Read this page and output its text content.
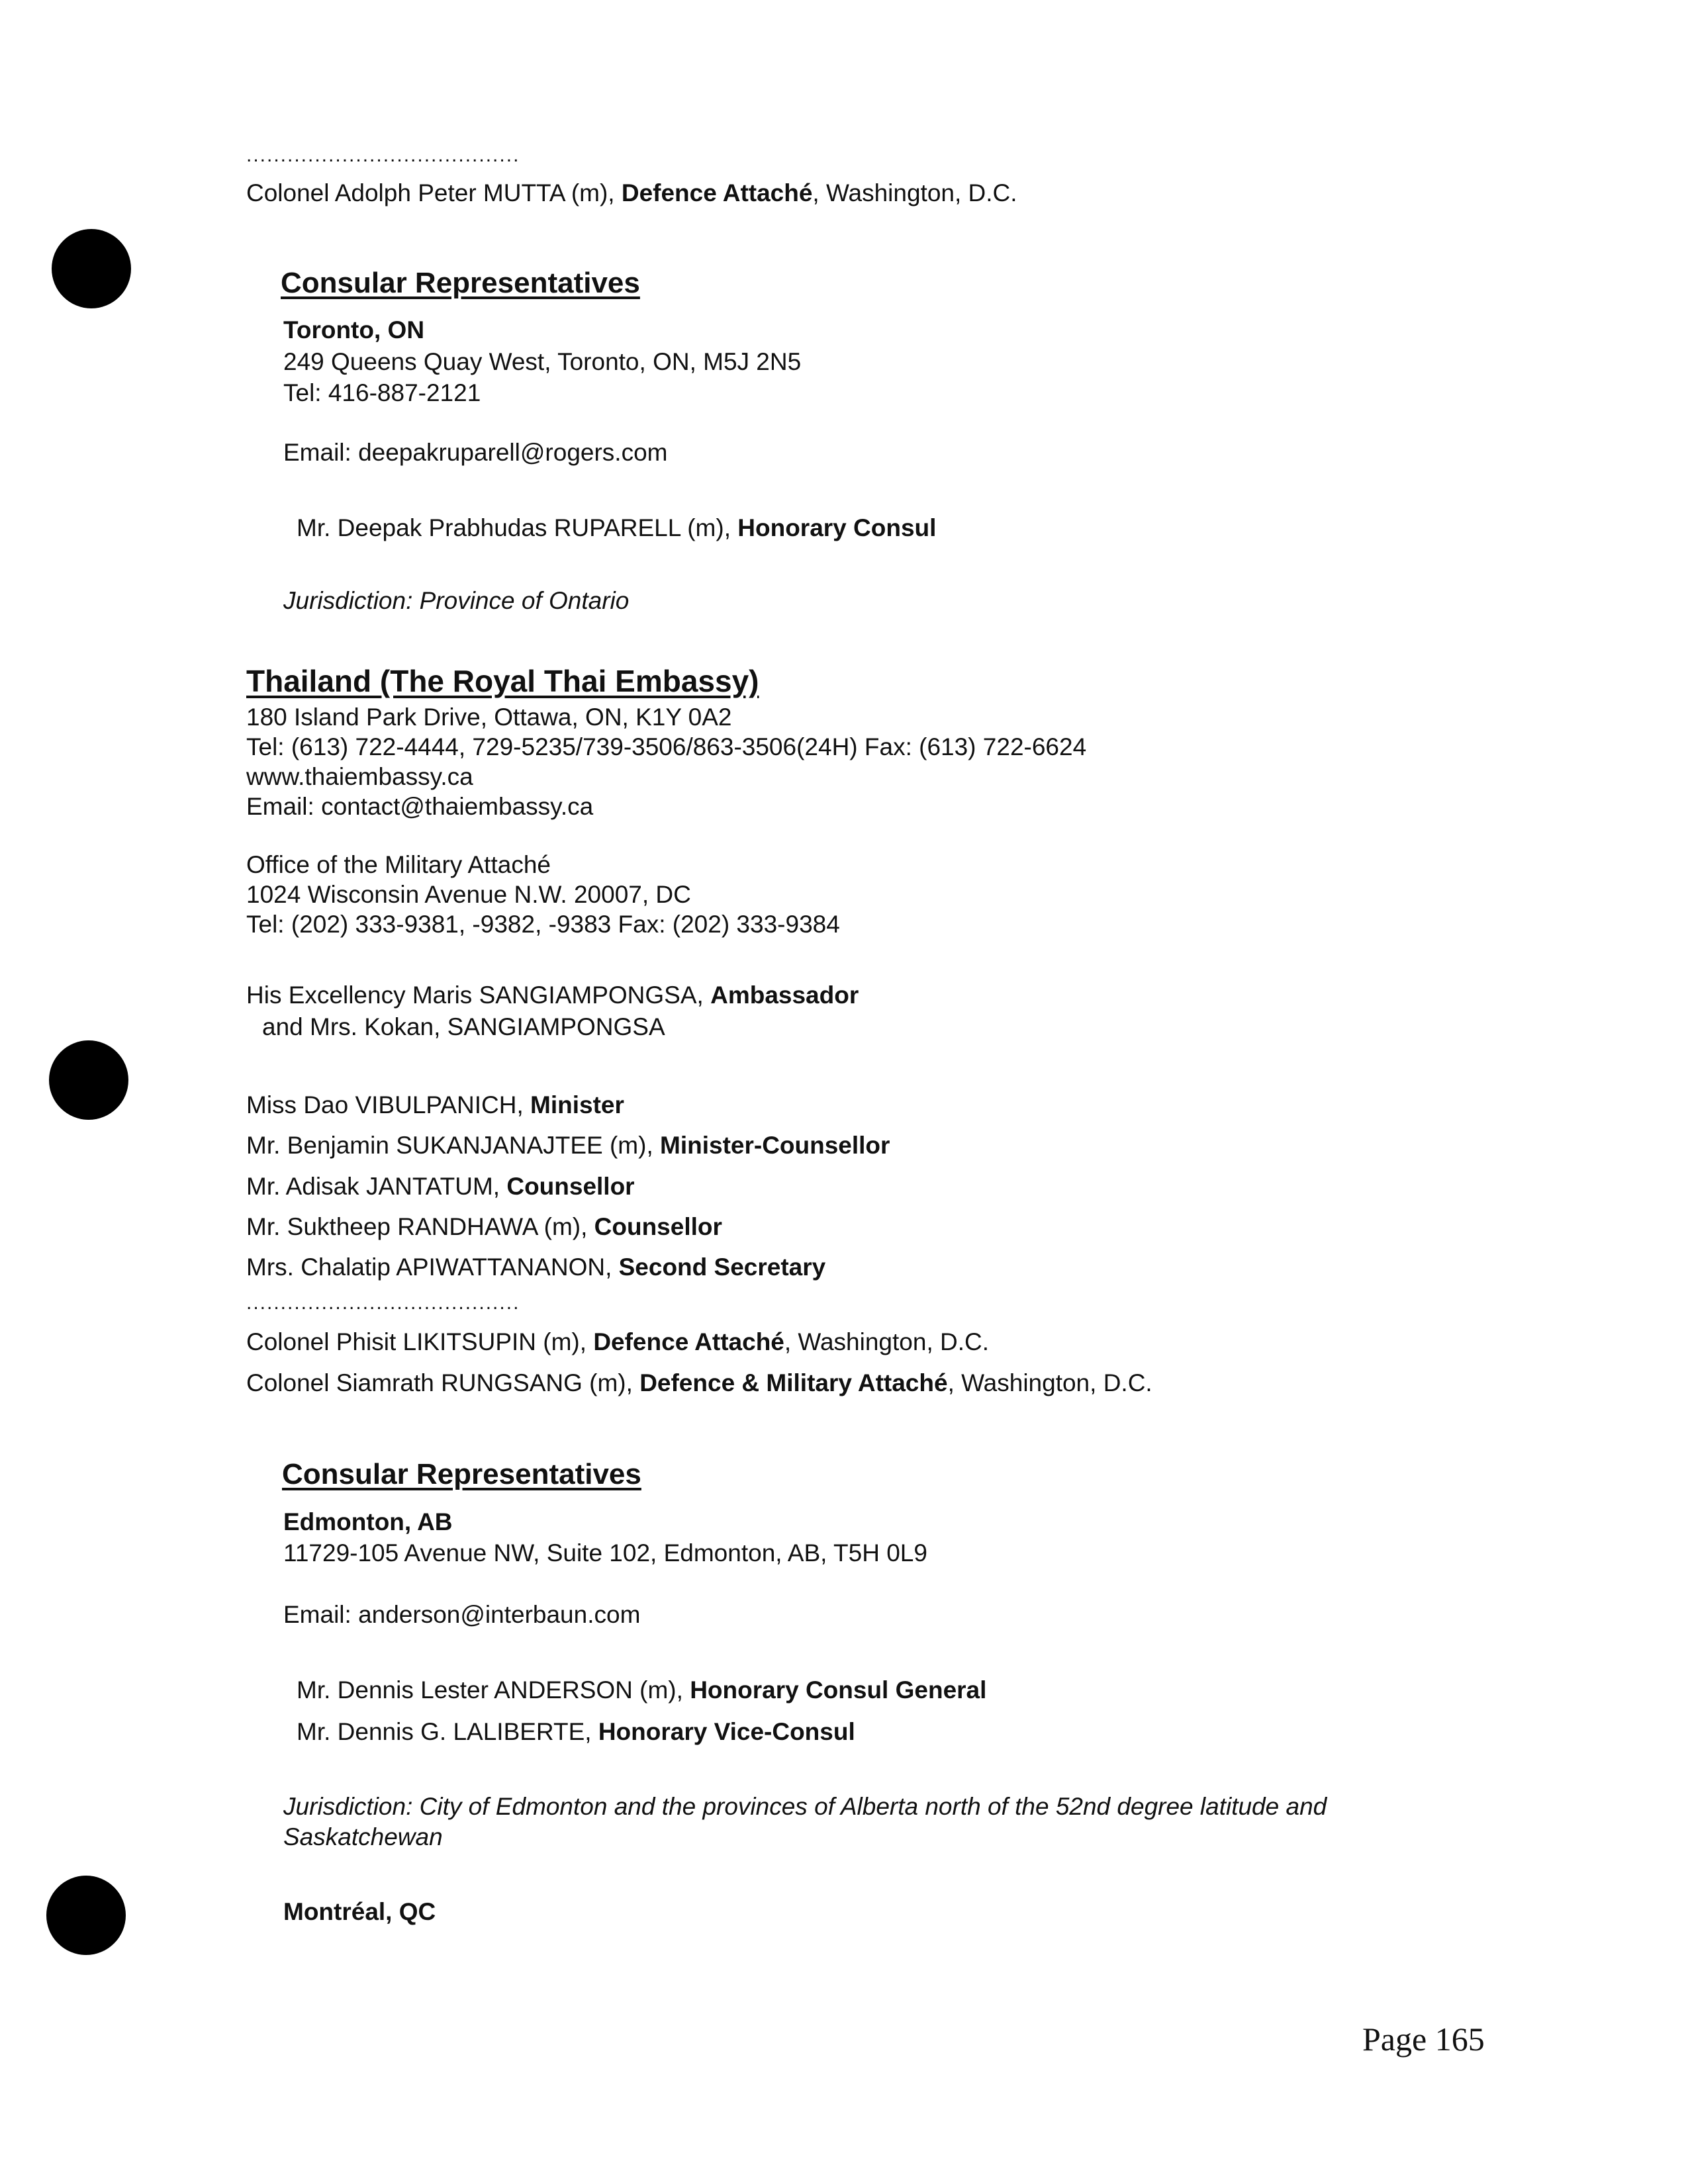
........................................
Colonel Adolph Peter MUTTA (m), Defence Attaché, Washington, D.C.
Consular Representatives
Toronto, ON
249 Queens Quay West, Toronto, ON, M5J 2N5
Tel: 416-887-2121
Email: deepakruparell@rogers.com
Mr. Deepak Prabhudas RUPARELL (m), Honorary Consul
Jurisdiction: Province of Ontario
Thailand (The Royal Thai Embassy)
180 Island Park Drive, Ottawa, ON, K1Y 0A2
Tel: (613) 722-4444, 729-5235/739-3506/863-3506(24H) Fax: (613) 722-6624
www.thaiembassy.ca
Email: contact@thaiembassy.ca
Office of the Military Attaché
1024 Wisconsin Avenue N.W. 20007, DC
Tel: (202) 333-9381, -9382, -9383 Fax: (202) 333-9384
His Excellency Maris SANGIAMPONGSA, Ambassador
and Mrs. Kokan, SANGIAMPONGSA
Miss Dao VIBULPANICH, Minister
Mr. Benjamin SUKANJANAJTEE (m), Minister-Counsellor
Mr. Adisak JANTATUM, Counsellor
Mr. Suktheep RANDHAWA (m), Counsellor
Mrs. Chalatip APIWATTANANON, Second Secretary
........................................
Colonel Phisit LIKITSUPIN (m), Defence Attaché, Washington, D.C.
Colonel Siamrath RUNGSANG (m), Defence & Military Attaché, Washington, D.C.
Consular Representatives
Edmonton, AB
11729-105 Avenue NW, Suite 102, Edmonton, AB, T5H 0L9
Email: anderson@interbaun.com
Mr. Dennis Lester ANDERSON (m), Honorary Consul General
Mr. Dennis G. LALIBERTE, Honorary Vice-Consul
Jurisdiction: City of Edmonton and the provinces of Alberta north of the 52nd degree latitude and
Saskatchewan
Montréal, QC
Page 165
